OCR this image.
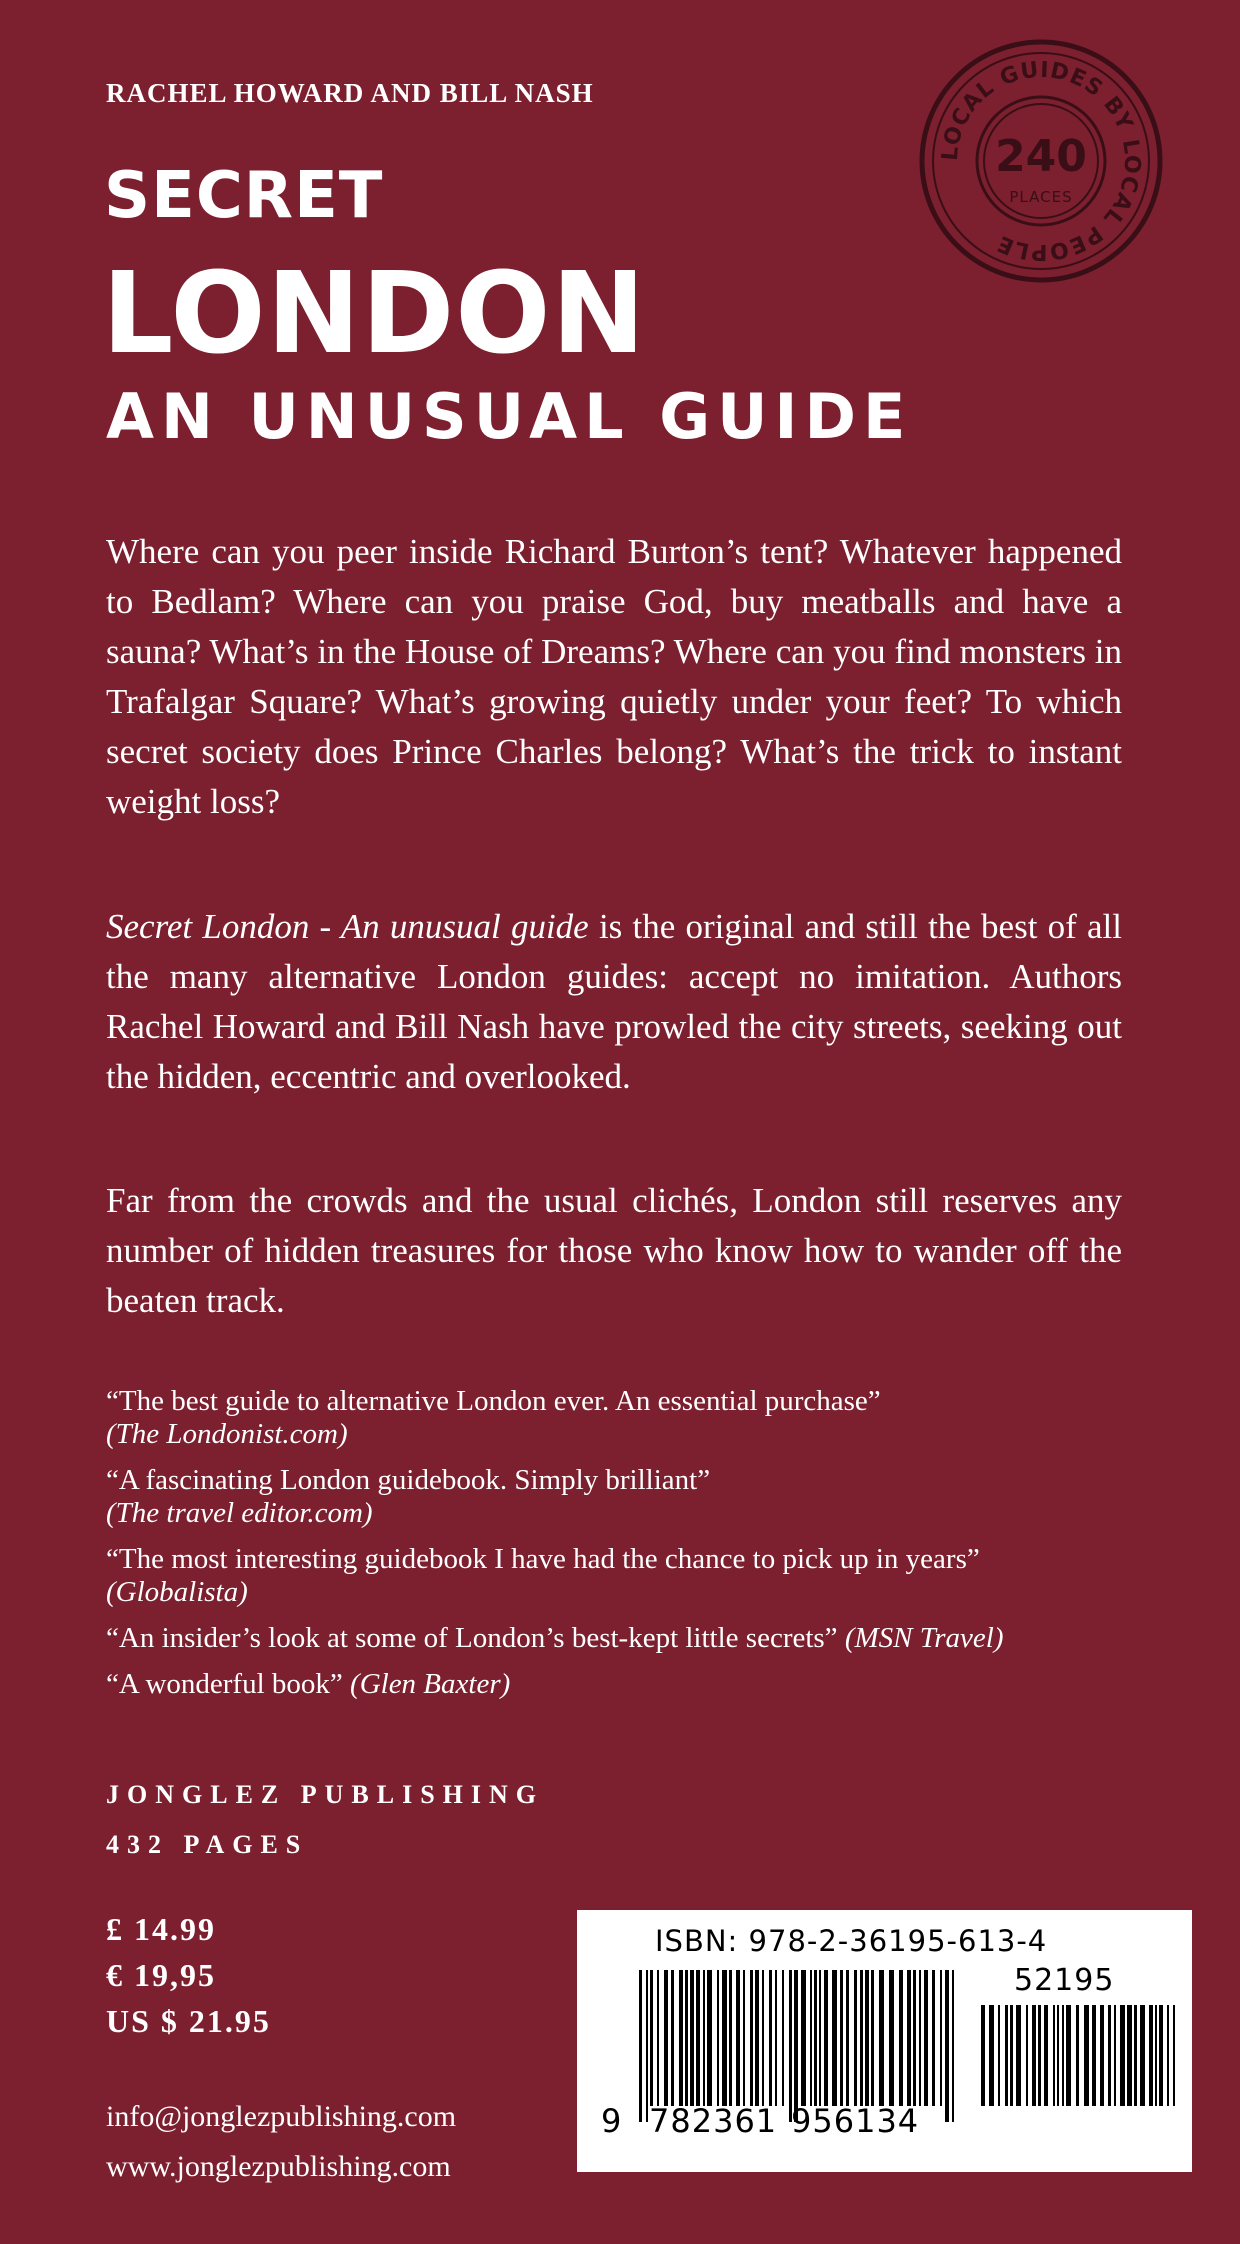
RACHEL HOWARD AND BILL NASH
SECRET
LONDON
AN UNUSUAL GUIDE
LOCAL GUIDES BY LOCAL PEOPLE
240
PLACES

Where can you peer inside Richard Burton’s tent? Whatever happened to Bedlam? Where can you praise God, buy meatballs and have a sauna? What’s in the House of Dreams? Where can you find monsters in Trafalgar Square? What’s growing quietly under your feet? To which secret society does Prince Charles belong? What’s the trick to instant weight loss?

Secret London - An unusual guide is the original and still the best of all the many alternative London guides: accept no imitation. Authors Rachel Howard and Bill Nash have prowled the city streets, seeking out the hidden, eccentric and overlooked.

Far from the crowds and the usual clichés, London still reserves any number of hidden treasures for those who know how to wander off the beaten track.

“The best guide to alternative London ever. An essential purchase”
(The Londonist.com)

“A fascinating London guidebook. Simply brilliant”
(The travel editor.com)

“The most interesting guidebook I have had the chance to pick up in years”
(Globalista)

“An insider’s look at some of London’s best-kept little secrets” (MSN Travel)

“A wonderful book” (Glen Baxter)

JONGLEZ PUBLISHING

432 PAGES

£ 14.99
€ 19,95
US $ 21.95
info@jonglezpublishing.com
www.jonglezpublishing.com
9 782361 956134
52195
ISBN: 978-2-36195-613-4
